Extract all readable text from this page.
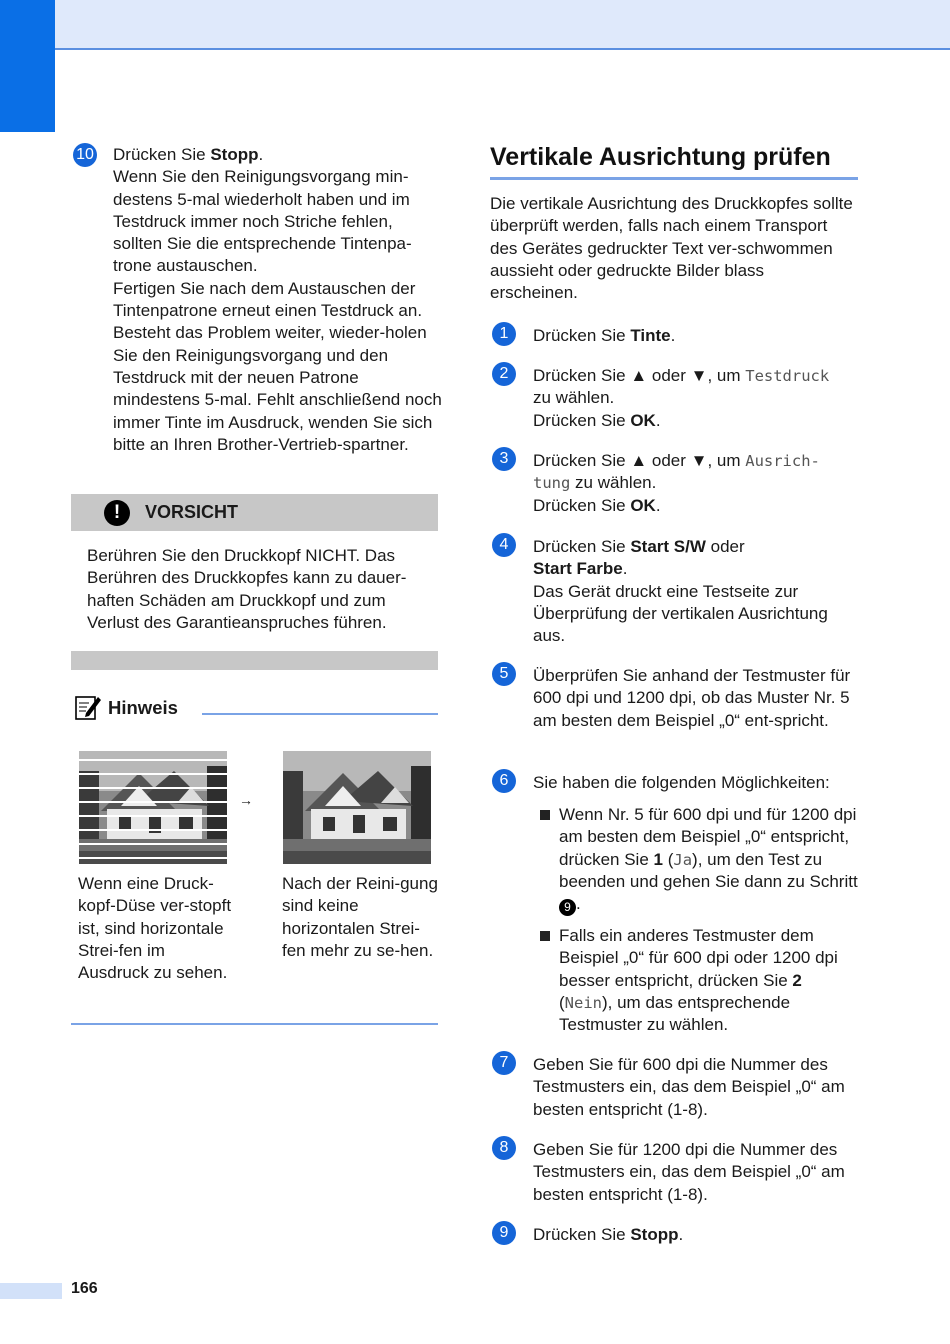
10 Drücken Sie Stopp.
Wenn Sie den Reinigungsvorgang min-destens 5-mal wiederholt haben und im Testdruck immer noch Striche fehlen, sollten Sie die entsprechende Tintenpa-trone austauschen.
Fertigen Sie nach dem Austauschen der Tintenpatrone erneut einen Testdruck an. Besteht das Problem weiter, wieder-holen Sie den Reinigungsvorgang und den Testdruck mit der neuen Patrone mindestens 5-mal. Fehlt anschließend noch immer Tinte im Ausdruck, wenden Sie sich bitte an Ihren Brother-Vertrieb-spartner.
!	VORSICHT
Berühren Sie den Druckkopf NICHT. Das Berühren des Druckkopfes kann zu dauer-haften Schäden am Druckkopf und zum Verlust des Garantieanspruches führen.
Hinweis
→
Wenn eine Druck-kopf-Düse ver-stopft ist, sind horizontale Strei-fen im Ausdruck zu sehen.
Nach der Reini-gung sind keine horizontalen Strei-fen mehr zu se-hen.
Vertikale Ausrichtung prüfen
Die vertikale Ausrichtung des Druckkopfes sollte überprüft werden, falls nach einem Transport des Gerätes gedruckter Text ver-schwommen aussieht oder gedruckte Bilder blass erscheinen.
1	Drücken Sie Tinte.
2	Drücken Sie ▲ oder ▼, um Testdruck
zu wählen.
Drücken Sie OK.
3	Drücken Sie ▲ oder ▼, um Ausrich-
tung zu wählen.
Drücken Sie OK.
4	Drücken Sie Start S/W oder
Start Farbe.
Das Gerät druckt eine Testseite zur Überprüfung der vertikalen Ausrichtung aus.
5	Überprüfen Sie anhand der Testmuster für 600 dpi und 1200 dpi, ob das Muster Nr. 5 am besten dem Beispiel „0“ ent-spricht.
6	Sie haben die folgenden Möglichkeiten:
Wenn Nr. 5 für 600 dpi und für 1200 dpi am besten dem Beispiel „0“ entspricht, drücken Sie 1 (Ja), um den Test zu beenden und gehen Sie dann zu Schritt 9 .
Falls ein anderes Testmuster dem Beispiel „0“ für 600 dpi oder 1200 dpi besser entspricht, drücken Sie 2 (Nein), um das entsprechende Testmuster zu wählen.
7	Geben Sie für 600 dpi die Nummer des Testmusters ein, das dem Beispiel „0“ am besten entspricht (1-8).
8	Geben Sie für 1200 dpi die Nummer des Testmusters ein, das dem Beispiel „0“ am besten entspricht (1-8).
9	Drücken Sie Stopp.
166
